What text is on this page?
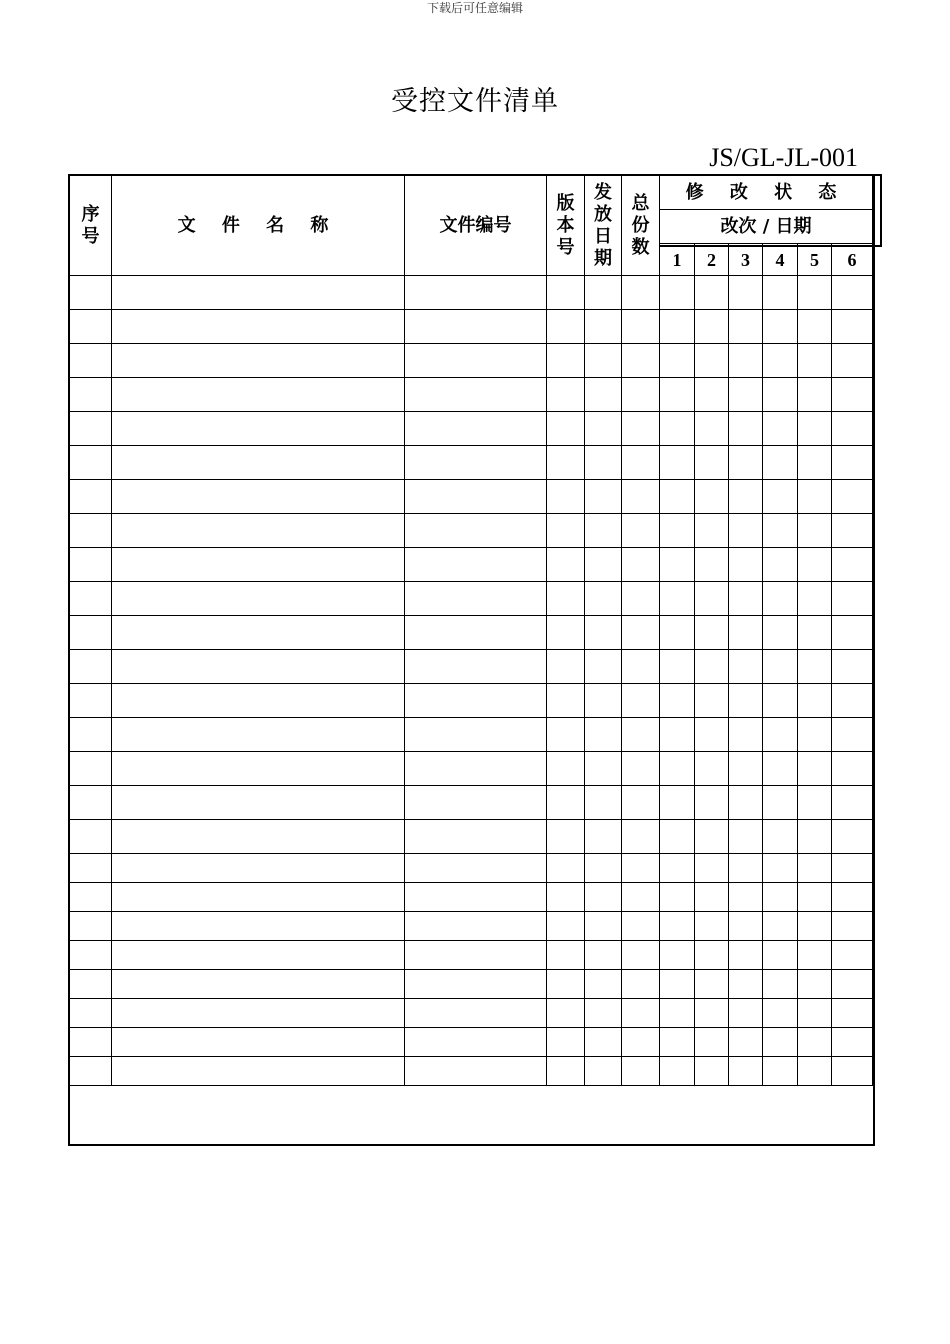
下载后可任意编辑
受控文件清单
JS/GL-JL-001
序号	文 件 名 称	文件编号	版本号	发放日期	总份数	修 改 状 态					
						改次 / 日期					
						1	2	3	4	5	6
